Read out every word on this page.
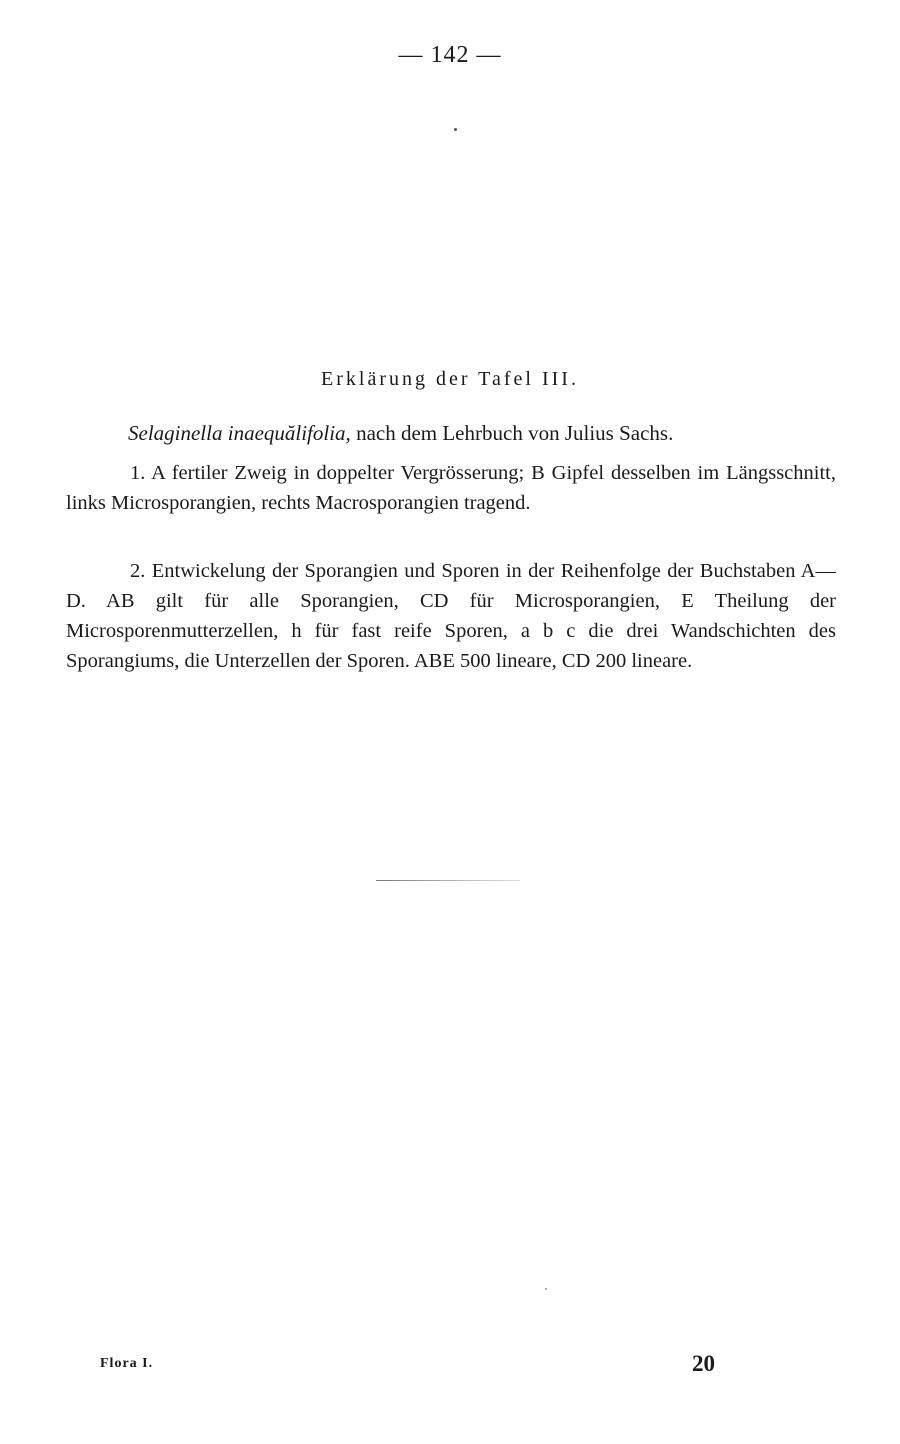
— 142 —
Erklärung der Tafel III.
Selaginella inaequălifolia, nach dem Lehrbuch von Julius Sachs.

1. A fertiler Zweig in doppelter Vergrösserung; B Gipfel desselben im Längsschnitt, links Microsporangien, rechts Macrosporangien tragend.

2. Entwickelung der Sporangien und Sporen in der Reihenfolge der Buchstaben A—D. AB gilt für alle Sporangien, CD für Microsporangien, E Theilung der Microsporenmutterzellen, h für fast reife Sporen, a b c die drei Wandschichten des Sporangiums, die Unterzellen der Sporen. ABE 500 lineare, CD 200 lineare.

Flora I.	20
